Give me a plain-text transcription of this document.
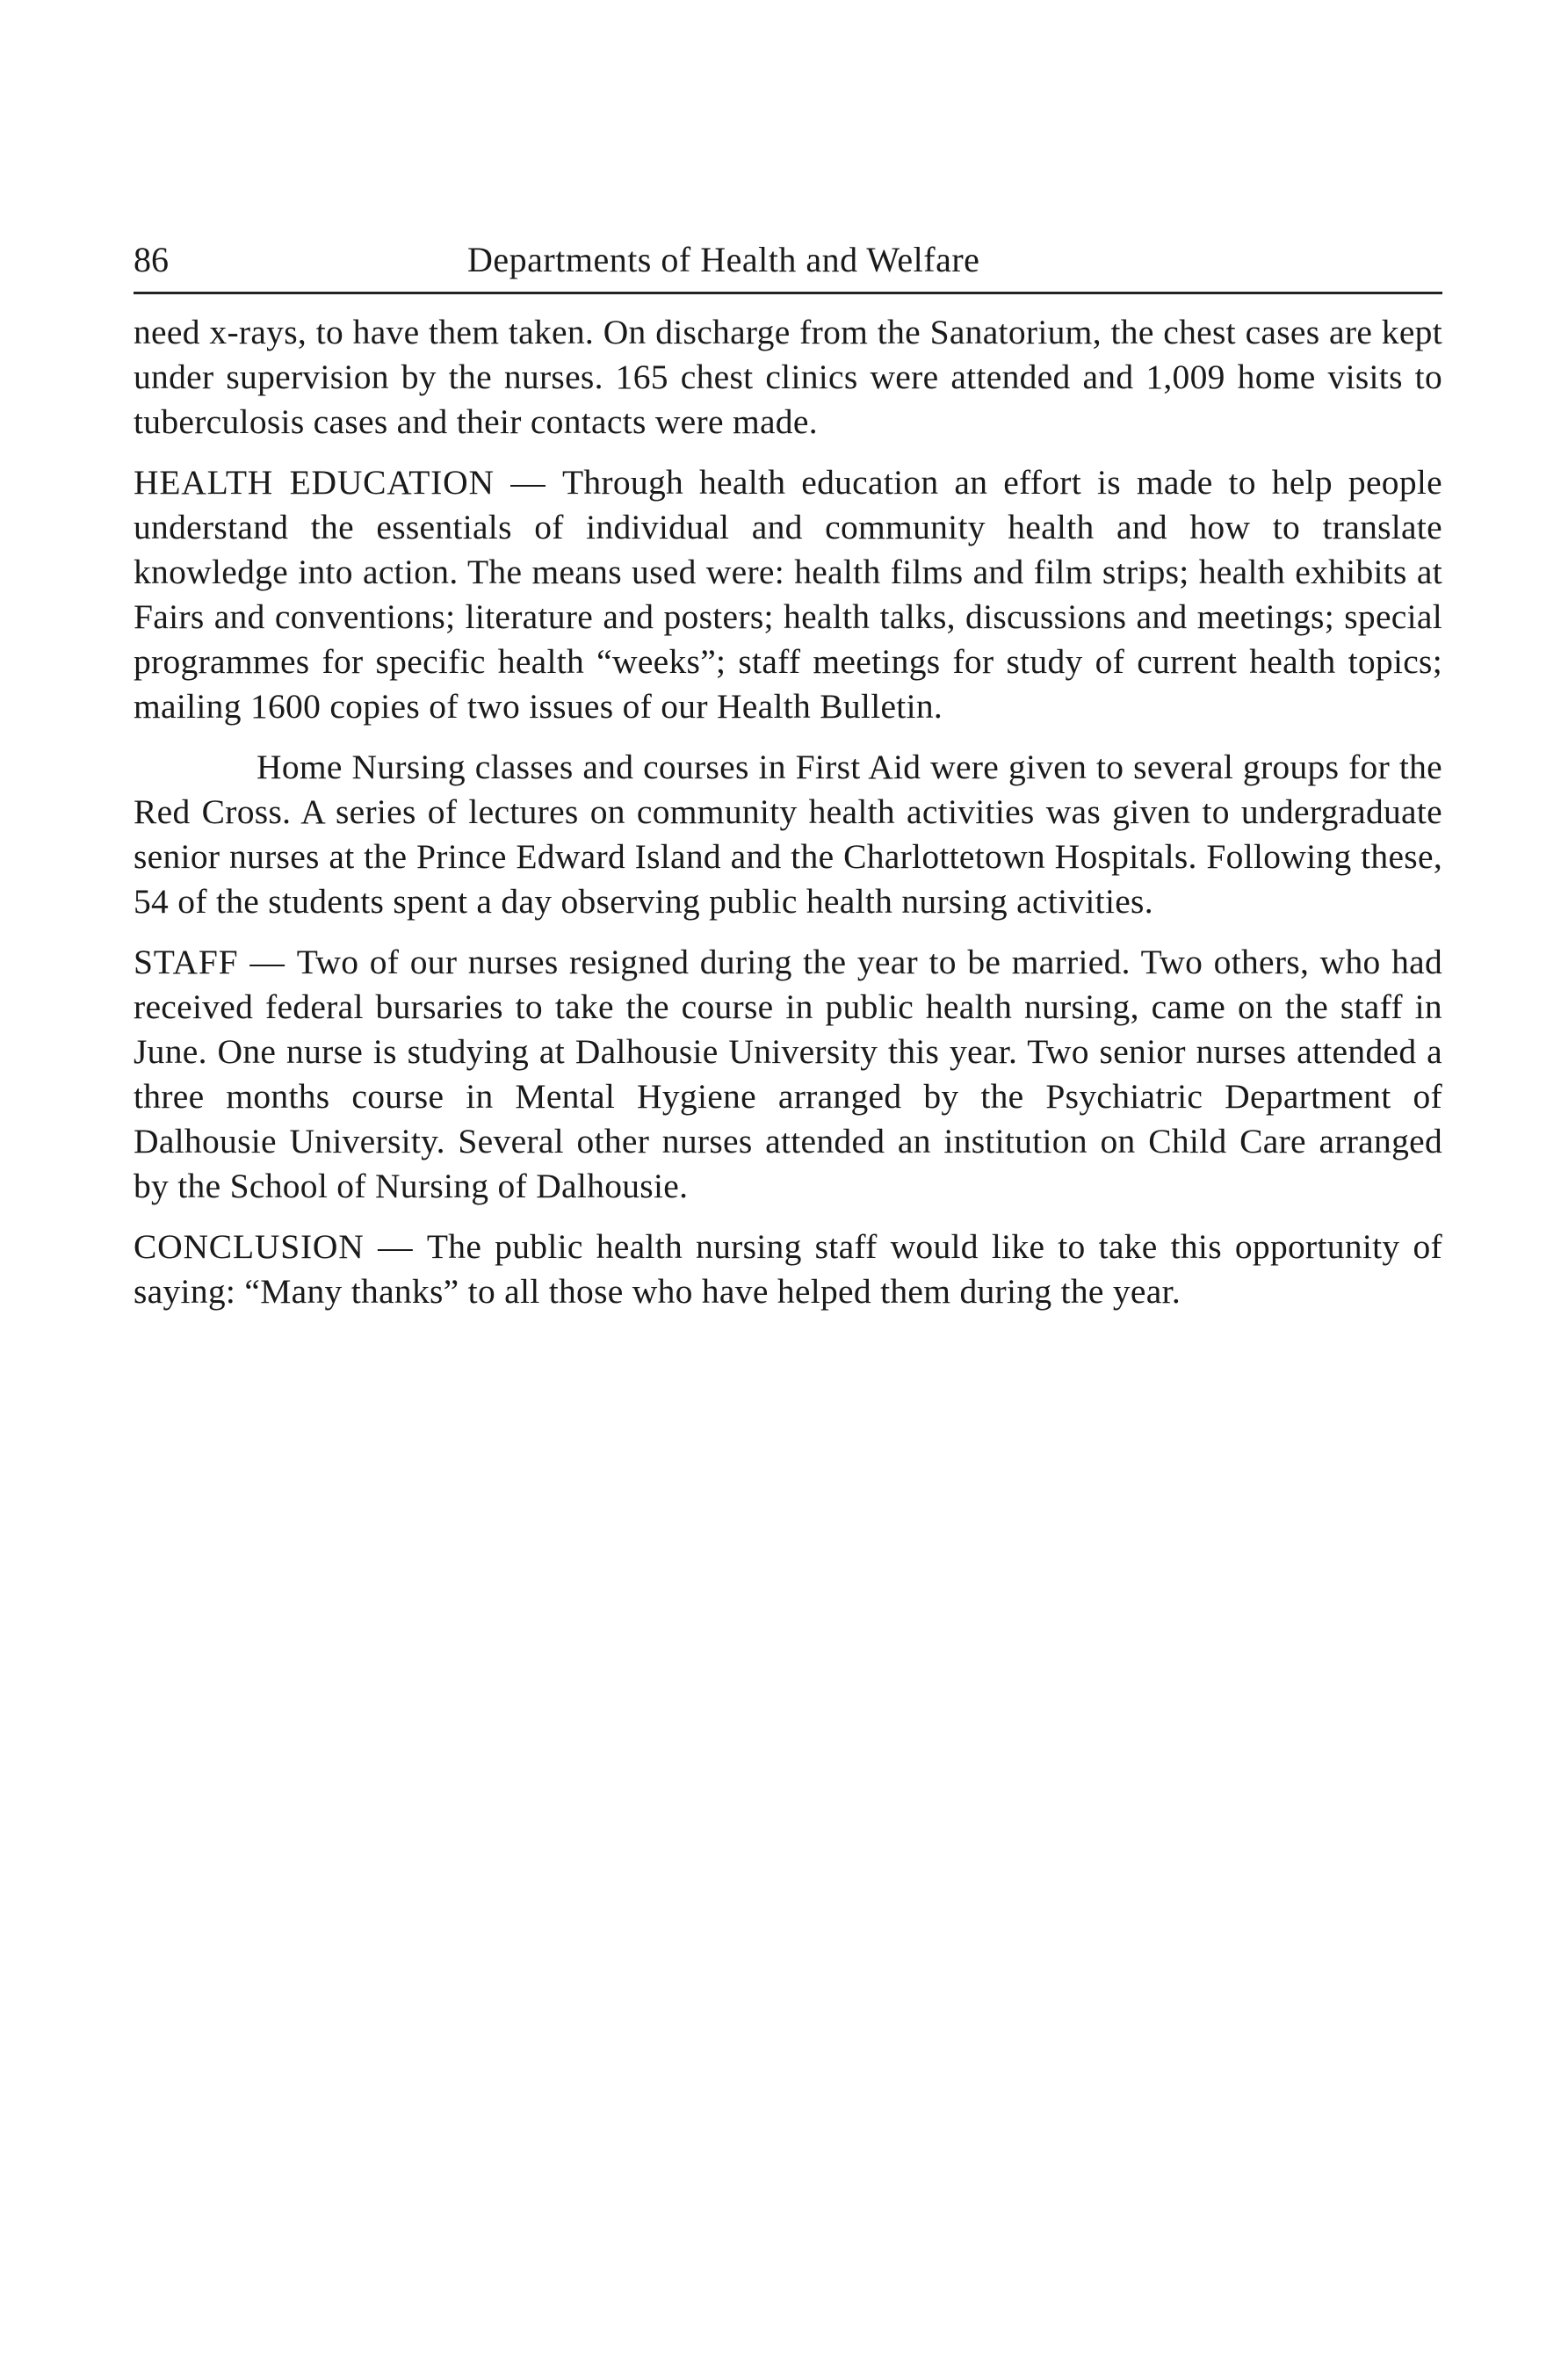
86	Departments of Health and Welfare

need x-rays, to have them taken. On discharge from the Sanatorium, the chest cases are kept under supervision by the nurses. 165 chest clinics were attended and 1,009 home visits to tuberculosis cases and their contacts were made.

HEALTH EDUCATION — Through health education an effort is made to help people understand the essentials of individual and community health and how to translate knowledge into action. The means used were: health films and film strips; health exhibits at Fairs and conventions; literature and posters; health talks, discussions and meetings; special programmes for specific health “weeks”; staff meetings for study of current health topics; mailing 1600 copies of two issues of our Health Bulletin.

Home Nursing classes and courses in First Aid were given to several groups for the Red Cross. A series of lectures on community health activities was given to undergraduate senior nurses at the Prince Edward Island and the Charlottetown Hospitals. Following these, 54 of the students spent a day observing public health nursing activities.

STAFF — Two of our nurses resigned during the year to be married. Two others, who had received federal bursaries to take the course in public health nursing, came on the staff in June. One nurse is studying at Dalhousie University this year. Two senior nurses attended a three months course in Mental Hygiene arranged by the Psychiatric Department of Dalhousie University. Several other nurses attended an institution on Child Care arranged by the School of Nursing of Dalhousie.

CONCLUSION — The public health nursing staff would like to take this opportunity of saying: “Many thanks” to all those who have helped them during the year.
